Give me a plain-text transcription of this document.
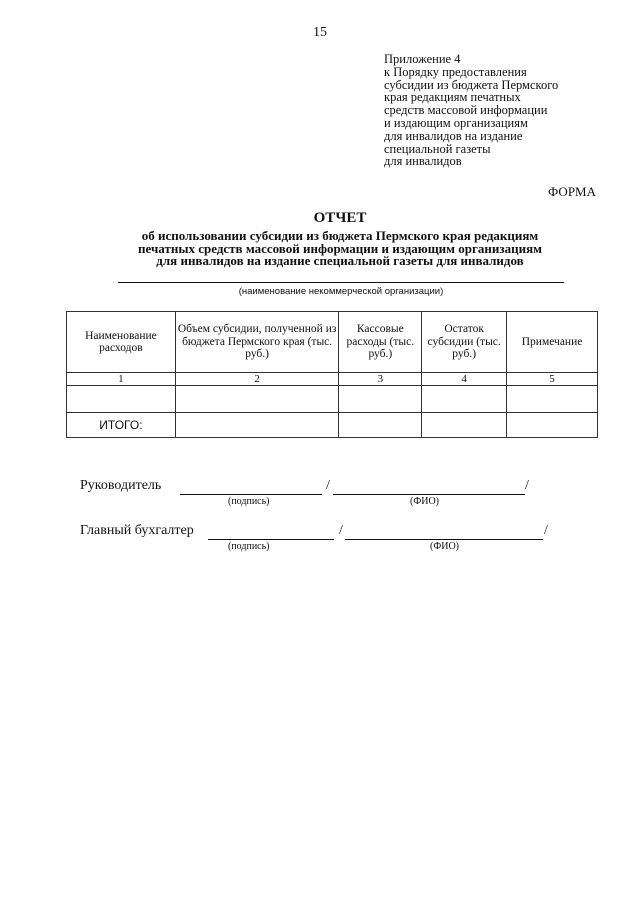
15
Приложение 4
к Порядку предоставления
субсидии из бюджета Пермского
края редакциям печатных
средств массовой информации
и издающим организациям
для инвалидов на издание
специальной газеты
для инвалидов
ФОРМА
ОТЧЕТ
об использовании субсидии из бюджета Пермского края редакциям
печатных средств массовой информации и издающим организациям
для инвалидов на издание специальной газеты для инвалидов
(наименование некоммерческой организации)
Наименование расходов	Объем субсидии, полученной из бюджета Пермского края (тыс. руб.)	Кассовые расходы (тыс. руб.)	Остаток субсидии (тыс. руб.)	Примечание
1	2	3	4	5

ИТОГО:				
Руководитель	/	/
(подпись)	(ФИО)
Главный бухгалтер	/	/
(подпись)	(ФИО)
